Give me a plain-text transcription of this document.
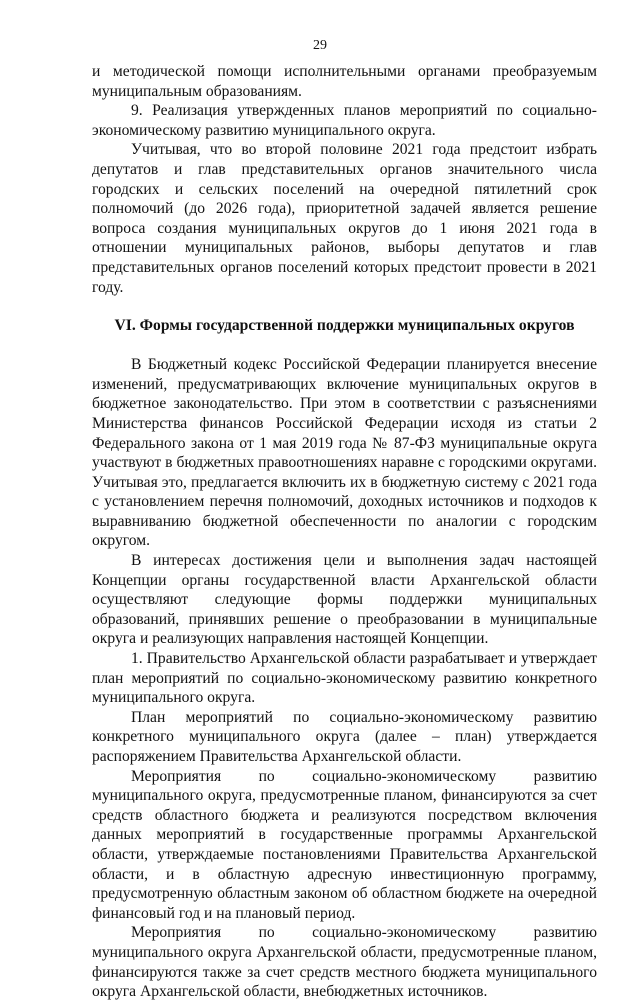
29

и методической помощи исполнительными органами преобразуемым муниципальным образованиям.

9. Реализация утвержденных планов мероприятий по социально-экономическому развитию муниципального округа.

Учитывая, что во второй половине 2021 года предстоит избрать депутатов и глав представительных органов значительного числа городских и сельских поселений на очередной пятилетний срок полномочий (до 2026 года), приоритетной задачей является решение вопроса создания муниципальных округов до 1 июня 2021 года в отношении муниципальных районов, выборы депутатов и глав представительных органов поселений которых предстоит провести в 2021 году.

VI. Формы государственной поддержки муниципальных округов

В Бюджетный кодекс Российской Федерации планируется внесение изменений, предусматривающих включение муниципальных округов в бюджетное законодательство. При этом в соответствии с разъяснениями Министерства финансов Российской Федерации исходя из статьи 2 Федерального закона от 1 мая 2019 года № 87-ФЗ муниципальные округа участвуют в бюджетных правоотношениях наравне с городскими округами. Учитывая это, предлагается включить их в бюджетную систему с 2021 года с установлением перечня полномочий, доходных источников и подходов к выравниванию бюджетной обеспеченности по аналогии с городским округом.

В интересах достижения цели и выполнения задач настоящей Концепции органы государственной власти Архангельской области осуществляют следующие формы поддержки муниципальных образований, принявших решение о преобразовании в муниципальные округа и реализующих направления настоящей Концепции.

1. Правительство Архангельской области разрабатывает и утверждает план мероприятий по социально-экономическому развитию конкретного муниципального округа.

План мероприятий по социально-экономическому развитию конкретного муниципального округа (далее – план) утверждается распоряжением Правительства Архангельской области.

Мероприятия по социально-экономическому развитию муниципального округа, предусмотренные планом, финансируются за счет средств областного бюджета и реализуются посредством включения данных мероприятий в государственные программы Архангельской области, утверждаемые постановлениями Правительства Архангельской области, и в областную адресную инвестиционную программу, предусмотренную областным законом об областном бюджете на очередной финансовый год и на плановый период.

Мероприятия по социально-экономическому развитию муниципального округа Архангельской области, предусмотренные планом, финансируются также за счет средств местного бюджета муниципального округа Архангельской области, внебюджетных источников.
